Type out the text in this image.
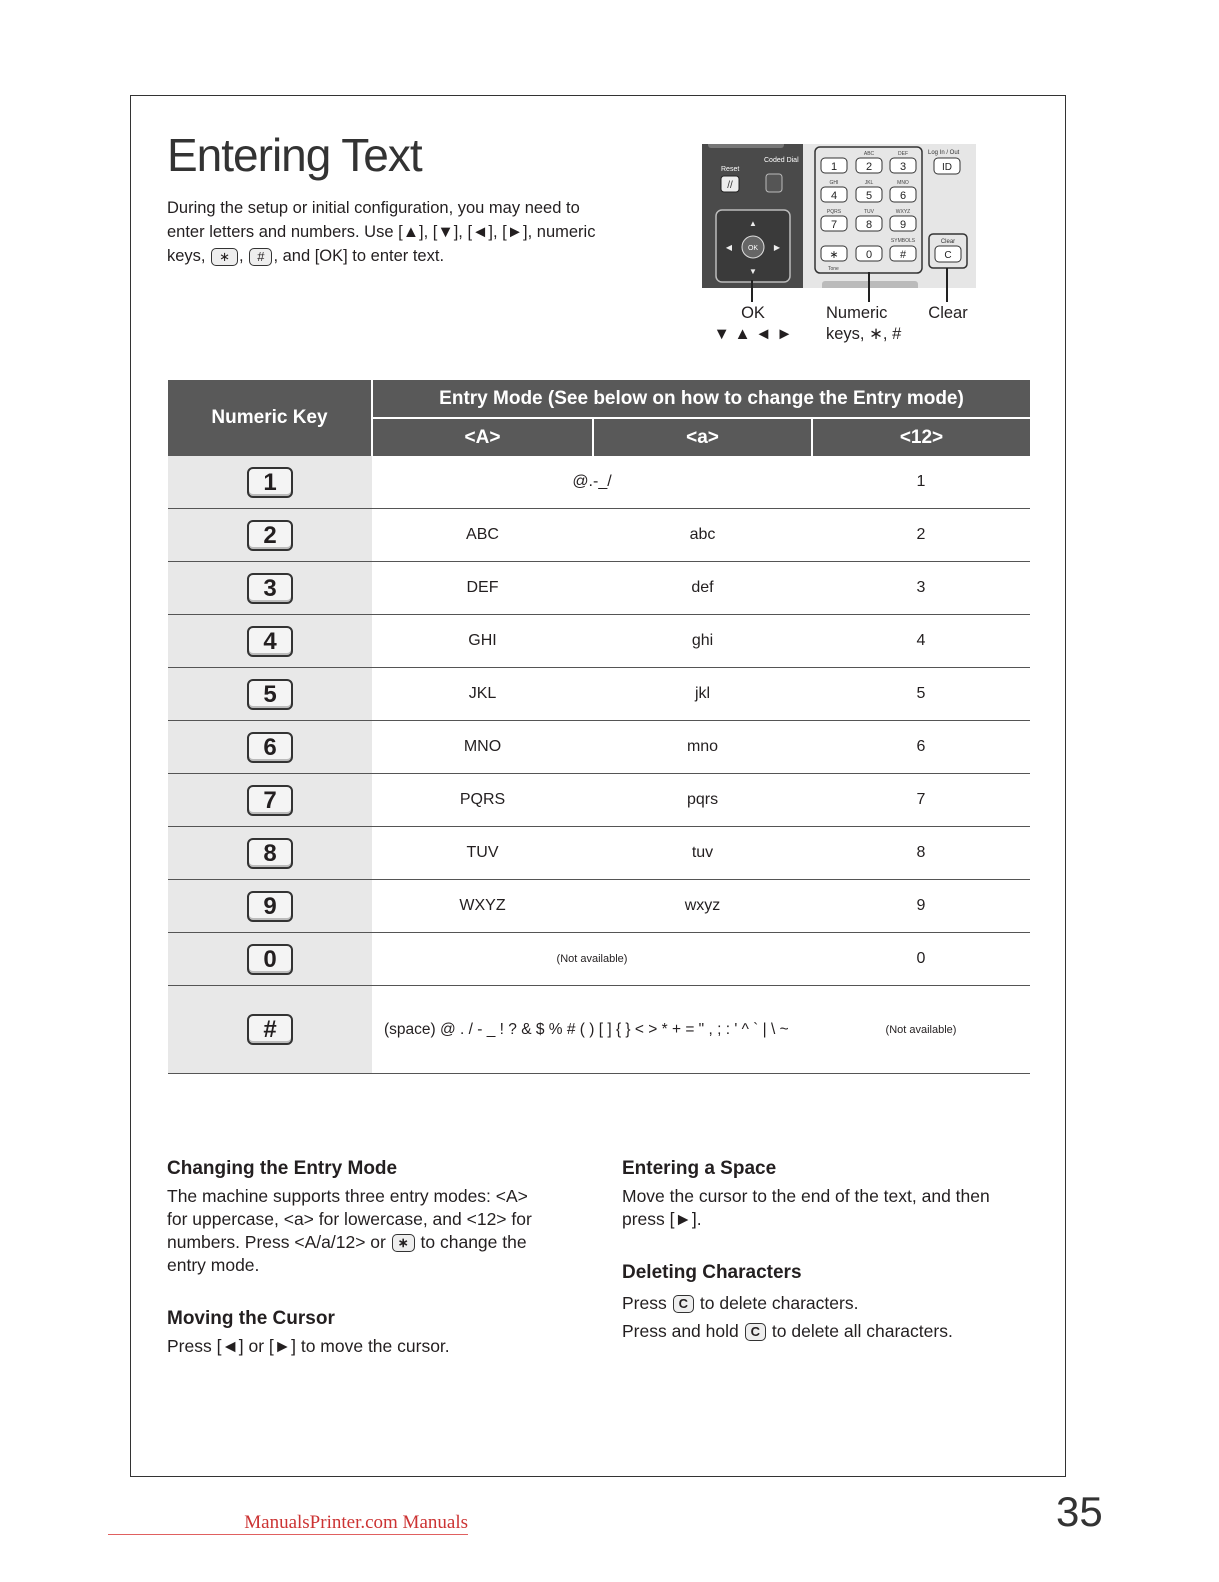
Entering Text
During the setup or initial configuration, you may need to
enter letters and numbers. Use [▲], [▼], [◄], [►], numeric
keys, ∗ , # , and [OK] to enter text.
Reset
//
Coded Dial
OK
▲
▼
◀	▶
1
ABC
2
DEF
3
GHI
4
JKL
5
MNO
6
PQRS
7
TUV
8
WXYZ
9
SYMBOLS
∗ 0	#
Tone
Log In / Out
ID
Clear
C
OK
▼ ▲ ◄ ►
Numeric
keys, ∗, #
Clear
Numeric Key	Entry Mode (See below on how to change the Entry mode)		
	<A>	<a>	<12>
1	@.-_/		1
2	ABC	abc	2
3	DEF	def	3
4	GHI	ghi	4
5	JKL	jkl	5
6	MNO	mno	6
7	PQRS	pqrs	7
8	TUV	tuv	8
9	WXYZ	wxyz	9
0	(Not available)		0
#	(space) @ . / - _ ! ? & $ % # ( ) [ ] { } < > * + = " , ; : ' ^ ` | \ ~		(Not available)
Changing the Entry Mode

The machine supports three entry modes: <A>
for uppercase, <a> for lowercase, and <12> for
numbers. Press <A/a/12> or ∗ to change the
entry mode.

Moving the Cursor

Press [◄] or [►] to move the cursor.

Entering a Space

Move the cursor to the end of the text, and then
press [►].

Deleting Characters

Press C to delete characters.
Press and hold C to delete all characters.

ManualsPrinter.com Manuals	35
